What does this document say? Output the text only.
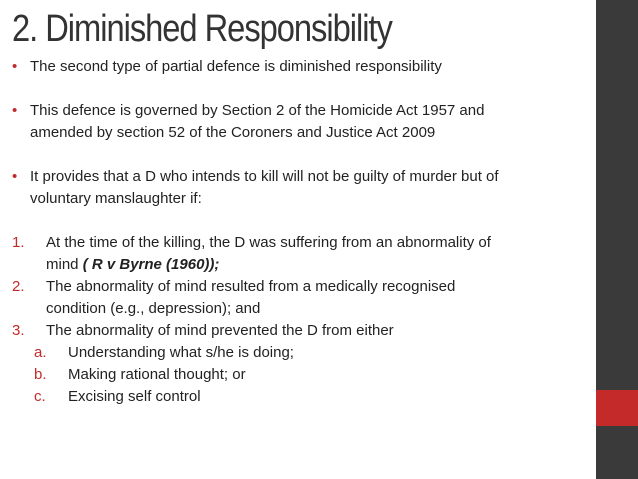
2. Diminished Responsibility

• The second type of partial defence is diminished responsibility

• This defence is governed by Section 2 of the Homicide Act 1957 and
amended by section 52 of the Coroners and Justice Act 2009

• It provides that a D who intends to kill will not be guilty of murder but of
voluntary manslaughter if:

1. At the time of the killing, the D was suffering from an abnormality of
mind ( R v Byrne (1960));

2. The abnormality of mind resulted from a medically recognised
condition (e.g., depression); and

3. The abnormality of mind prevented the D from either

a. Understanding what s/he is doing;

b. Making rational thought; or

c. Excising self control
